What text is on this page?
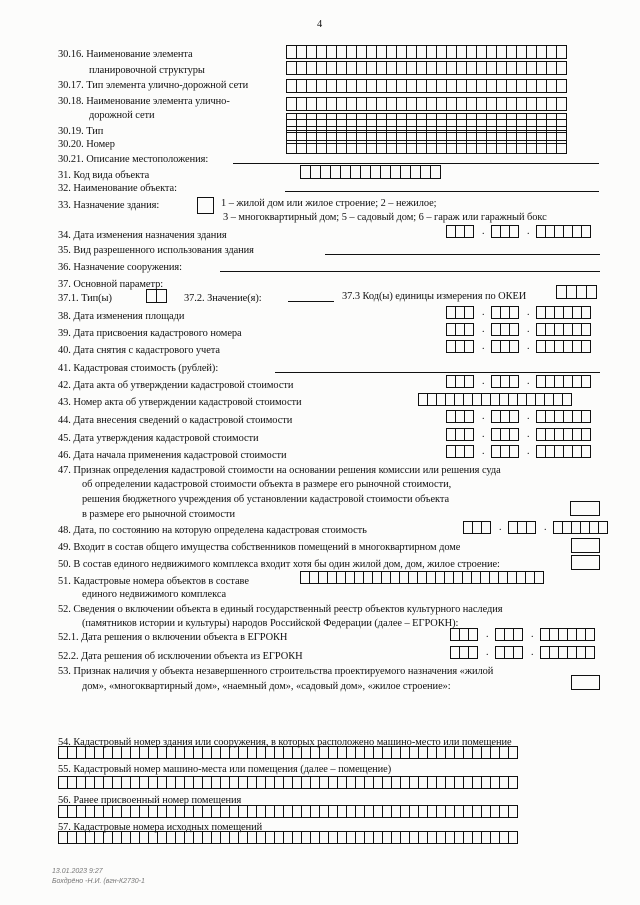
4
30.16. Наименование элемента
планировочной структуры
30.17. Тип элемента улично-дорожной сети
30.18. Наименование элемента улично-
дорожной сети
30.19. Тип
30.20. Номер
30.21. Описание местоположения:
31. Код вида объекта
32. Наименование объекта:
33. Назначение здания:	1 – жилой дом или жилое строение; 2 – нежилое;
3 – многоквартирный дом; 5 – садовый дом; 6 – гараж или гаражный бокс
34. Дата изменения назначения здания	.	.
35. Вид разрешенного использования здания
36. Назначение сооружения:
37. Основной параметр:
37.1. Тип(ы)	37.2. Значение(я):	37.3 Код(ы) единицы измерения по ОКЕИ
38. Дата изменения площади	.	.
39. Дата присвоения кадастрового номера	.	.
40. Дата снятия с кадастрового учета	.	.
41. Кадастровая стоимость (рублей):
42. Дата акта об утверждении кадастровой стоимости	.	.
43. Номер акта об утверждении кадастровой стоимости
44. Дата внесения сведений о кадастровой стоимости	.	.
45. Дата утверждения кадастровой стоимости	.	.
46. Дата начала применения кадастровой стоимости	.	.
47. Признак определения кадастровой стоимости на основании решения комиссии или решения суда
об определении кадастровой стоимости объекта в размере его рыночной стоимости,
решения бюджетного учреждения об установлении кадастровой стоимости объекта
в размере его рыночной стоимости
48. Дата, по состоянию на которую определена кадастровая стоимость	.	.
49. Входит в состав общего имущества собственников помещений в многоквартирном доме
50. В состав единого недвижимого комплекса входит хотя бы один жилой дом, дом, жилое строение:
51. Кадастровые номера объектов в составе
единого недвижимого комплекса
52. Сведения о включении объекта в единый государственный реестр объектов культурного наследия
(памятников истории и культуры) народов Российской Федерации (далее – ЕГРОКН):
52.1. Дата решения о включении объекта в ЕГРОКН	.	.
52.2. Дата решения об исключении объекта из ЕГРОКН	.	.
53. Признак наличия у объекта незавершенного строительства проектируемого назначения «жилой
дом», «многоквартирный дом», «наемный дом», «садовый дом», «жилое строение»:
54. Кадастровый номер здания или сооружения, в которых расположено машино-место или помещение
55. Кадастровый номер машино-места или помещения (далее – помещение)
56. Ранее присвоенный номер помещения
57. Кадастровые номера исходных помещений
13.01.2023 9:27
Бохдрёно -Н.И. (вгн-К2730-1
